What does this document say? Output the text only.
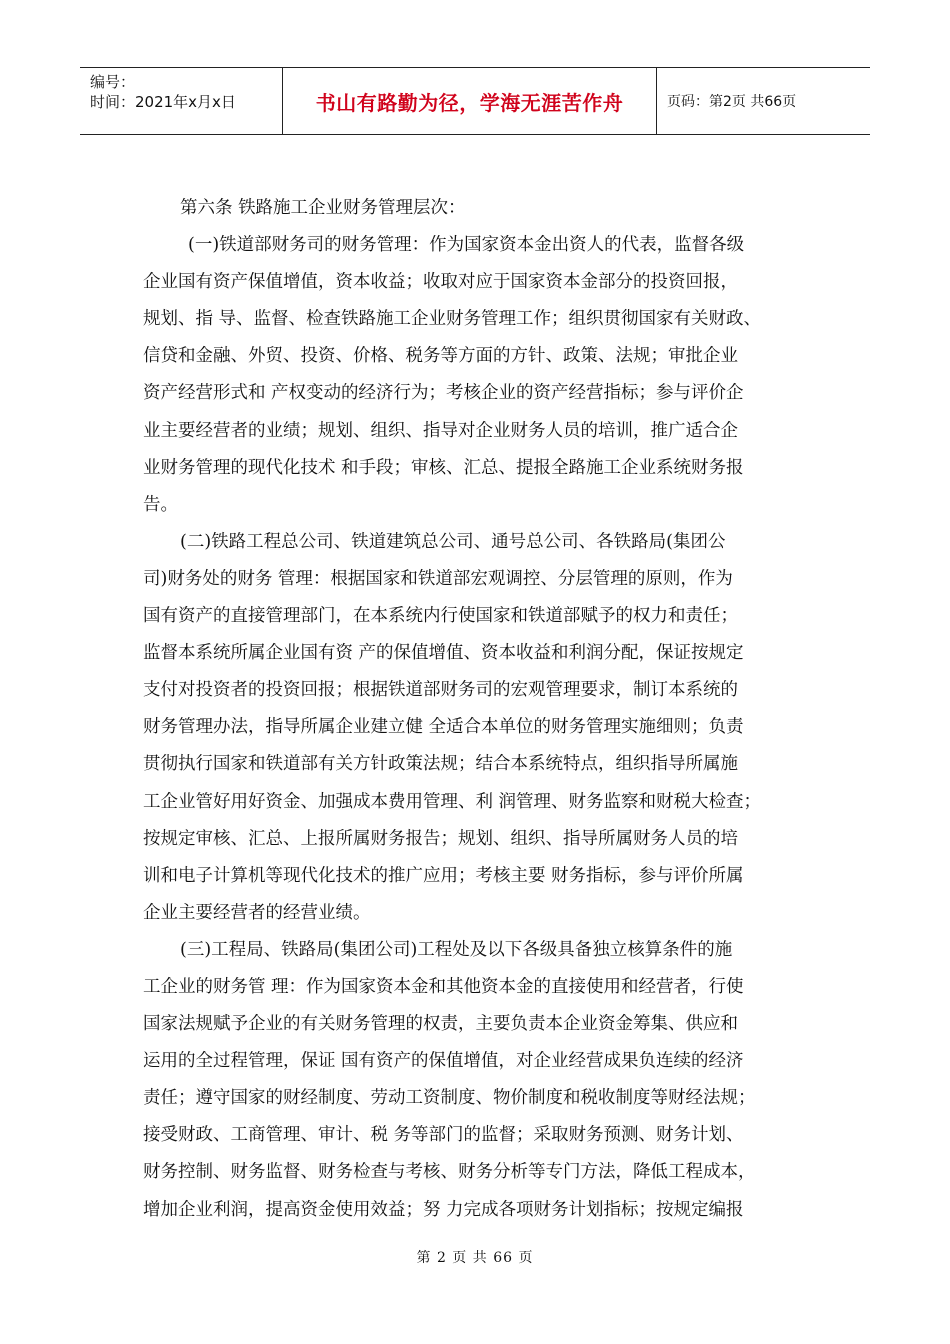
编号：
时间：2021年x月x日	书山有路勤为径，学海无涯苦作舟	页码：第2页 共66页
第六条 铁路施工企业财务管理层次：
(一)铁道部财务司的财务管理：作为国家资本金出资人的代表，监督各级
企业国有资产保值增值，资本收益；收取对应于国家资本金部分的投资回报，
规划、指 导、监督、检查铁路施工企业财务管理工作；组织贯彻国家有关财政、
信贷和金融、外贸、投资、价格、税务等方面的方针、政策、法规；审批企业
资产经营形式和 产权变动的经济行为；考核企业的资产经营指标；参与评价企
业主要经营者的业绩；规划、组织、指导对企业财务人员的培训，推广适合企
业财务管理的现代化技术 和手段；审核、汇总、提报全路施工企业系统财务报
告。
(二)铁路工程总公司、铁道建筑总公司、通号总公司、各铁路局(集团公
司)财务处的财务 管理：根据国家和铁道部宏观调控、分层管理的原则，作为
国有资产的直接管理部门，在本系统内行使国家和铁道部赋予的权力和责任；
监督本系统所属企业国有资 产的保值增值、资本收益和利润分配，保证按规定
支付对投资者的投资回报；根据铁道部财务司的宏观管理要求，制订本系统的
财务管理办法，指导所属企业建立健 全适合本单位的财务管理实施细则；负责
贯彻执行国家和铁道部有关方针政策法规；结合本系统特点，组织指导所属施
工企业管好用好资金、加强成本费用管理、利 润管理、财务监察和财税大检查；
按规定审核、汇总、上报所属财务报告；规划、组织、指导所属财务人员的培
训和电子计算机等现代化技术的推广应用；考核主要 财务指标，参与评价所属
企业主要经营者的经营业绩。
(三)工程局、铁路局(集团公司)工程处及以下各级具备独立核算条件的施
工企业的财务管 理：作为国家资本金和其他资本金的直接使用和经营者，行使
国家法规赋予企业的有关财务管理的权责，主要负责本企业资金筹集、供应和
运用的全过程管理，保证 国有资产的保值增值，对企业经营成果负连续的经济
责任；遵守国家的财经制度、劳动工资制度、物价制度和税收制度等财经法规；
接受财政、工商管理、审计、税 务等部门的监督；采取财务预测、财务计划、
财务控制、财务监督、财务检查与考核、财务分析等专门方法，降低工程成本，
增加企业利润，提高资金使用效益；努 力完成各项财务计划指标；按规定编报
第 2 页 共 66 页
